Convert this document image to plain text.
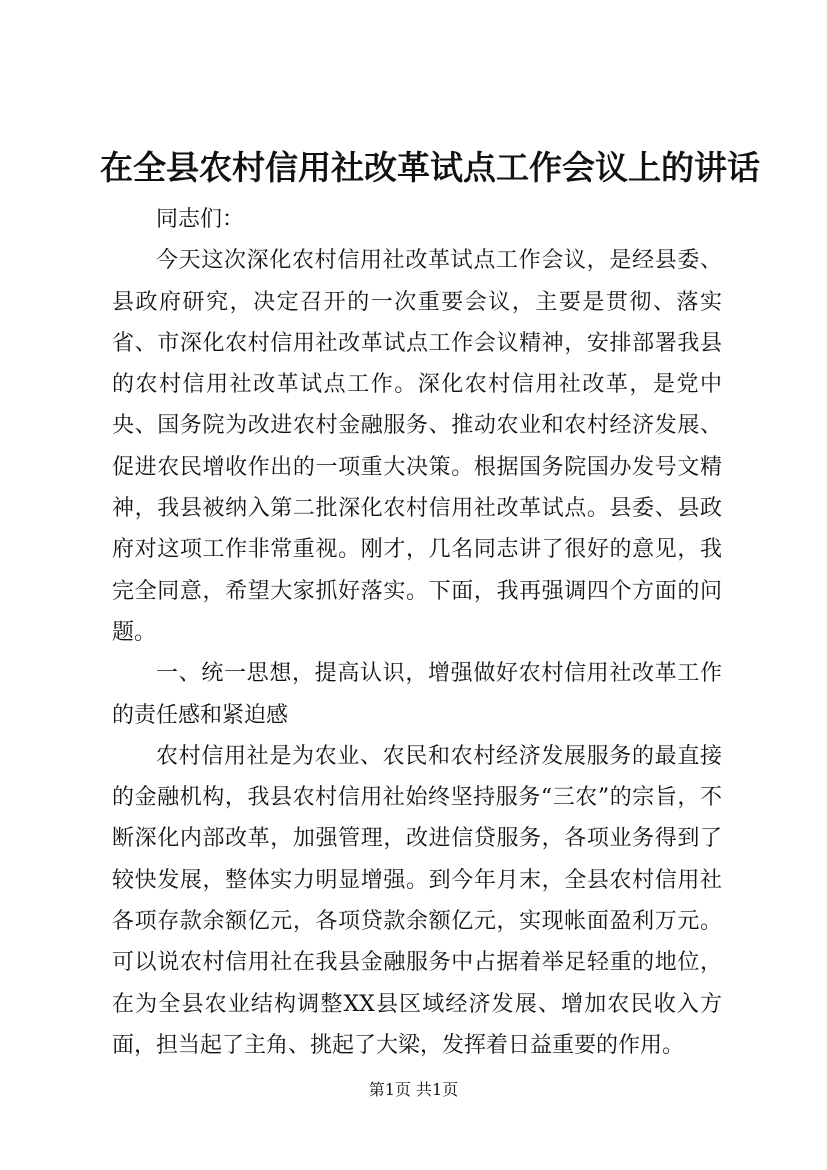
在全县农村信用社改革试点工作会议上的讲话

同志们：

今天这次深化农村信用社改革试点工作会议，是经县委、县政府研究，决定召开的一次重要会议，主要是贯彻、落实省、市深化农村信用社改革试点工作会议精神，安排部署我县的农村信用社改革试点工作。深化农村信用社改革，是党中央、国务院为改进农村金融服务、推动农业和农村经济发展、促进农民增收作出的一项重大决策。根据国务院国办发号文精神，我县被纳入第二批深化农村信用社改革试点。县委、县政府对这项工作非常重视。刚才，几名同志讲了很好的意见，我完全同意，希望大家抓好落实。下面，我再强调四个方面的问题。

一、统一思想，提高认识，增强做好农村信用社改革工作的责任感和紧迫感

农村信用社是为农业、农民和农村经济发展服务的最直接的金融机构，我县农村信用社始终坚持服务“三农”的宗旨，不断深化内部改革，加强管理，改进信贷服务，各项业务得到了较快发展，整体实力明显增强。到今年月末，全县农村信用社各项存款余额亿元，各项贷款余额亿元，实现帐面盈利万元。可以说农村信用社在我县金融服务中占据着举足轻重的地位，在为全县农业结构调整XX县区域经济发展、增加农民收入方面，担当起了主角、挑起了大梁，发挥着日益重要的作用。

第1页 共1页
